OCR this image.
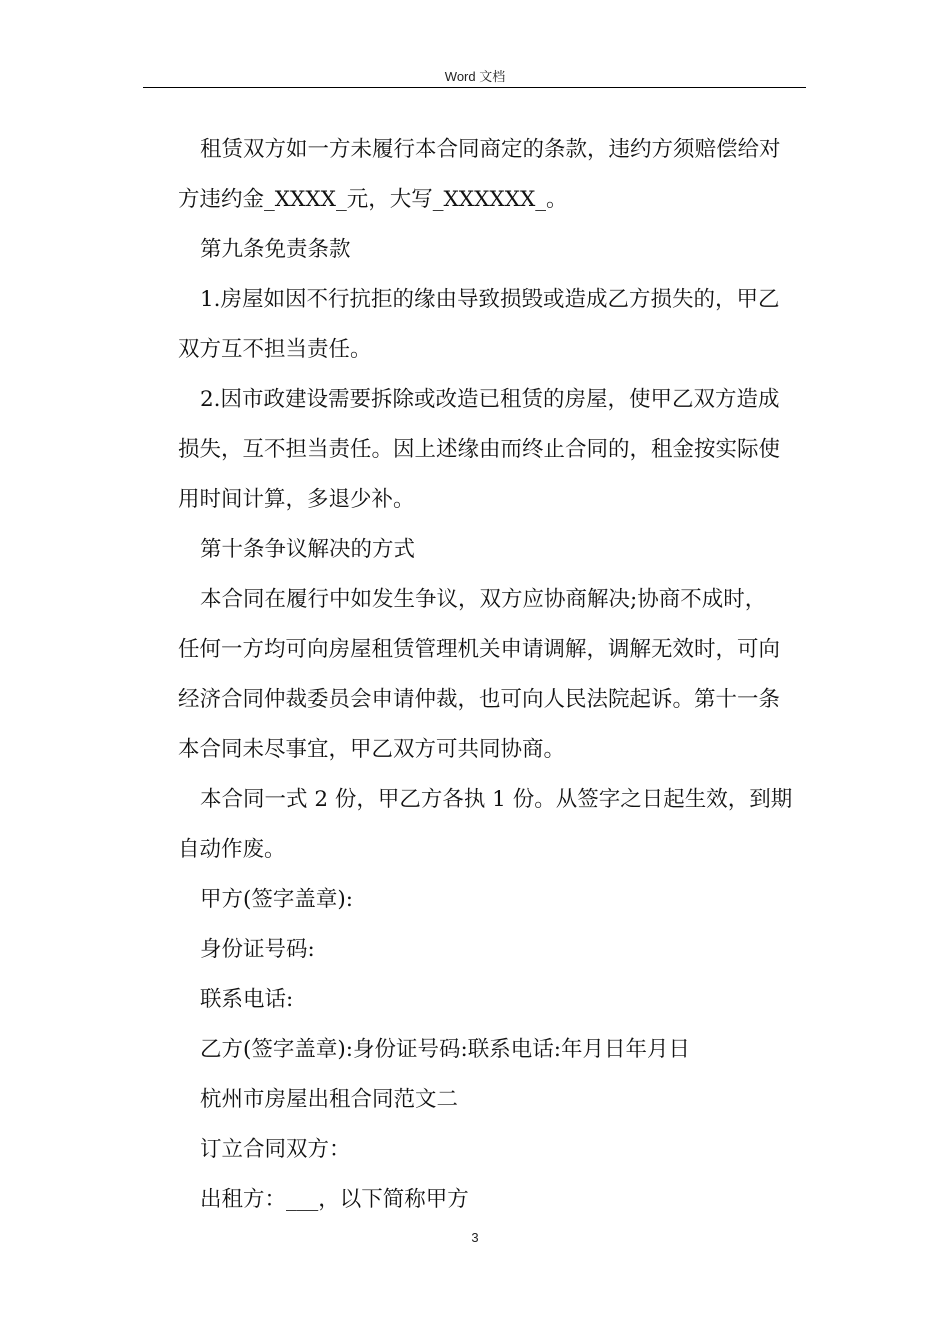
Word 文档
租赁双方如一方未履行本合同商定的条款，违约方须赔偿给对
方违约金_XXXX_元，大写_XXXXXX_。
第九条免责条款
1.房屋如因不行抗拒的缘由导致损毁或造成乙方损失的，甲乙
双方互不担当责任。
2.因市政建设需要拆除或改造已租赁的房屋，使甲乙双方造成
损失，互不担当责任。因上述缘由而终止合同的，租金按实际使
用时间计算，多退少补。
第十条争议解决的方式
本合同在履行中如发生争议，双方应协商解决;协商不成时，
任何一方均可向房屋租赁管理机关申请调解，调解无效时，可向
经济合同仲裁委员会申请仲裁，也可向人民法院起诉。第十一条
本合同未尽事宜，甲乙双方可共同协商。
本合同一式 2 份，甲乙方各执 1 份。从签字之日起生效，到期
自动作废。
甲方(签字盖章):
身份证号码:
联系电话:
乙方(签字盖章):身份证号码:联系电话:年月日年月日
杭州市房屋出租合同范文二
订立合同双方：
出租方：___，以下简称甲方
3
